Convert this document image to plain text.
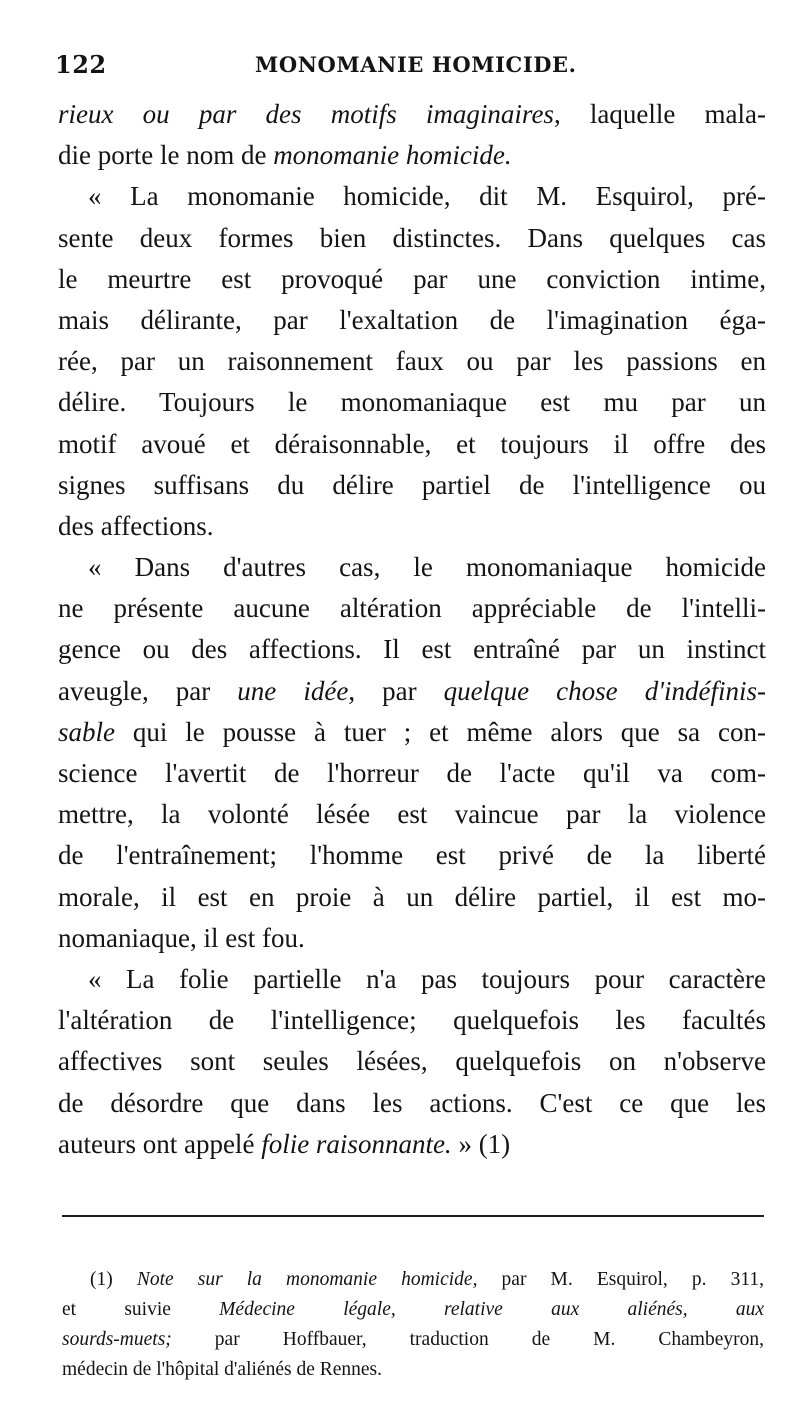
122	MONOMANIE HOMICIDE.
rieux ou par des motifs imaginaires, laquelle mala-
die porte le nom de monomanie homicide.
« La monomanie homicide, dit M. Esquirol, pré-
sente deux formes bien distinctes. Dans quelques cas
le meurtre est provoqué par une conviction intime,
mais délirante, par l'exaltation de l'imagination éga-
rée, par un raisonnement faux ou par les passions en
délire. Toujours le monomaniaque est mu par un
motif avoué et déraisonnable, et toujours il offre des
signes suffisans du délire partiel de l'intelligence ou
des affections.
« Dans d'autres cas, le monomaniaque homicide
ne présente aucune altération appréciable de l'intelli-
gence ou des affections. Il est entraîné par un instinct
aveugle, par une idée, par quelque chose d'indéfinis-
sable qui le pousse à tuer ; et même alors que sa con-
science l'avertit de l'horreur de l'acte qu'il va com-
mettre, la volonté lésée est vaincue par la violence
de l'entraînement; l'homme est privé de la liberté
morale, il est en proie à un délire partiel, il est mo-
nomaniaque, il est fou.
« La folie partielle n'a pas toujours pour caractère
l'altération de l'intelligence; quelquefois les facultés
affectives sont seules lésées, quelquefois on n'observe
de désordre que dans les actions. C'est ce que les
auteurs ont appelé folie raisonnante. » (1)
(1) Note sur la monomanie homicide, par M. Esquirol, p. 311,
et suivie Médecine légale, relative aux aliénés, aux
sourds-muets; par Hoffbauer, traduction de M. Chambeyron,
médecin de l'hôpital d'aliénés de Rennes.
